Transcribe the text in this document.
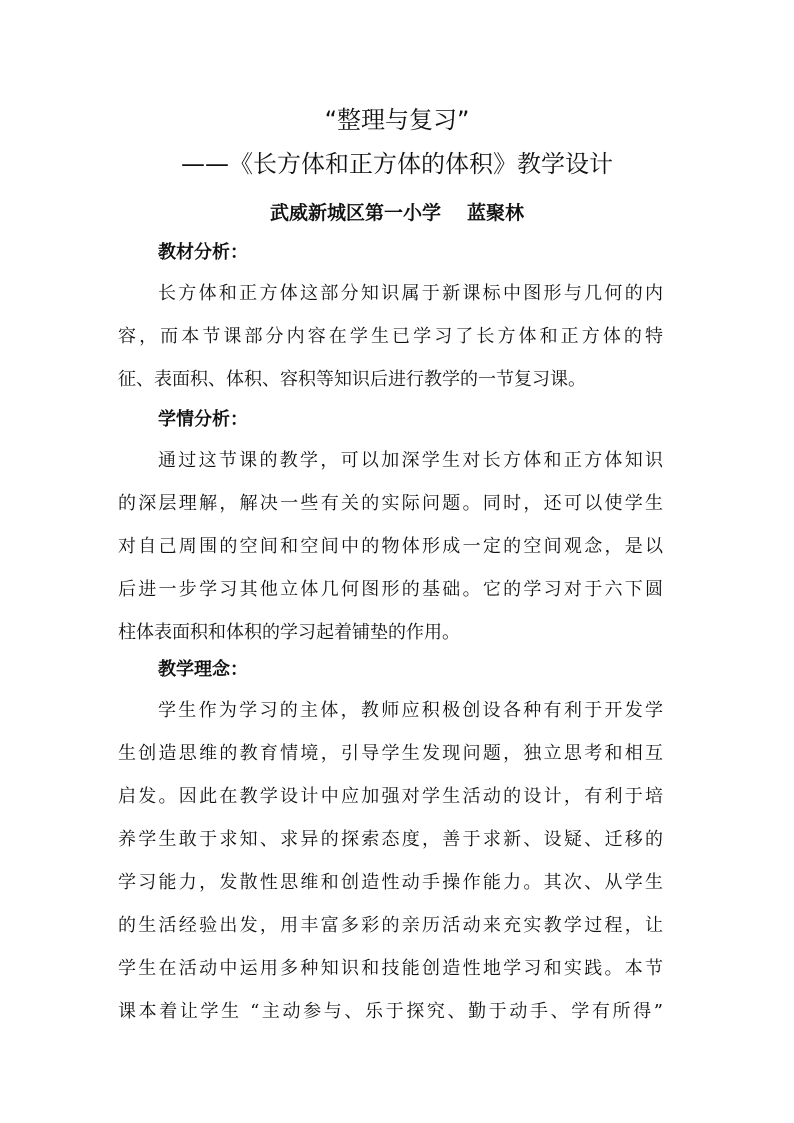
“整理与复习”
——《长方体和正方体的体积》教学设计
武威新城区第一小学 蓝聚林
教材分析：
长方体和正方体这部分知识属于新课标中图形与几何的内
容，而本节课部分内容在学生已学习了长方体和正方体的特
征、表面积、体积、容积等知识后进行教学的一节复习课。
学情分析：
通过这节课的教学，可以加深学生对长方体和正方体知识
的深层理解，解决一些有关的实际问题。同时，还可以使学生
对自己周围的空间和空间中的物体形成一定的空间观念，是以
后进一步学习其他立体几何图形的基础。它的学习对于六下圆
柱体表面积和体积的学习起着铺垫的作用。
教学理念：
学生作为学习的主体，教师应积极创设各种有利于开发学
生创造思维的教育情境，引导学生发现问题，独立思考和相互
启发。因此在教学设计中应加强对学生活动的设计，有利于培
养学生敢于求知、求异的探索态度，善于求新、设疑、迁移的
学习能力，发散性思维和创造性动手操作能力。其次、从学生
的生活经验出发，用丰富多彩的亲历活动来充实教学过程，让
学生在活动中运用多种知识和技能创造性地学习和实践。本节
课本着让学生 “主动参与、乐于探究、勤于动手、学有所得”
